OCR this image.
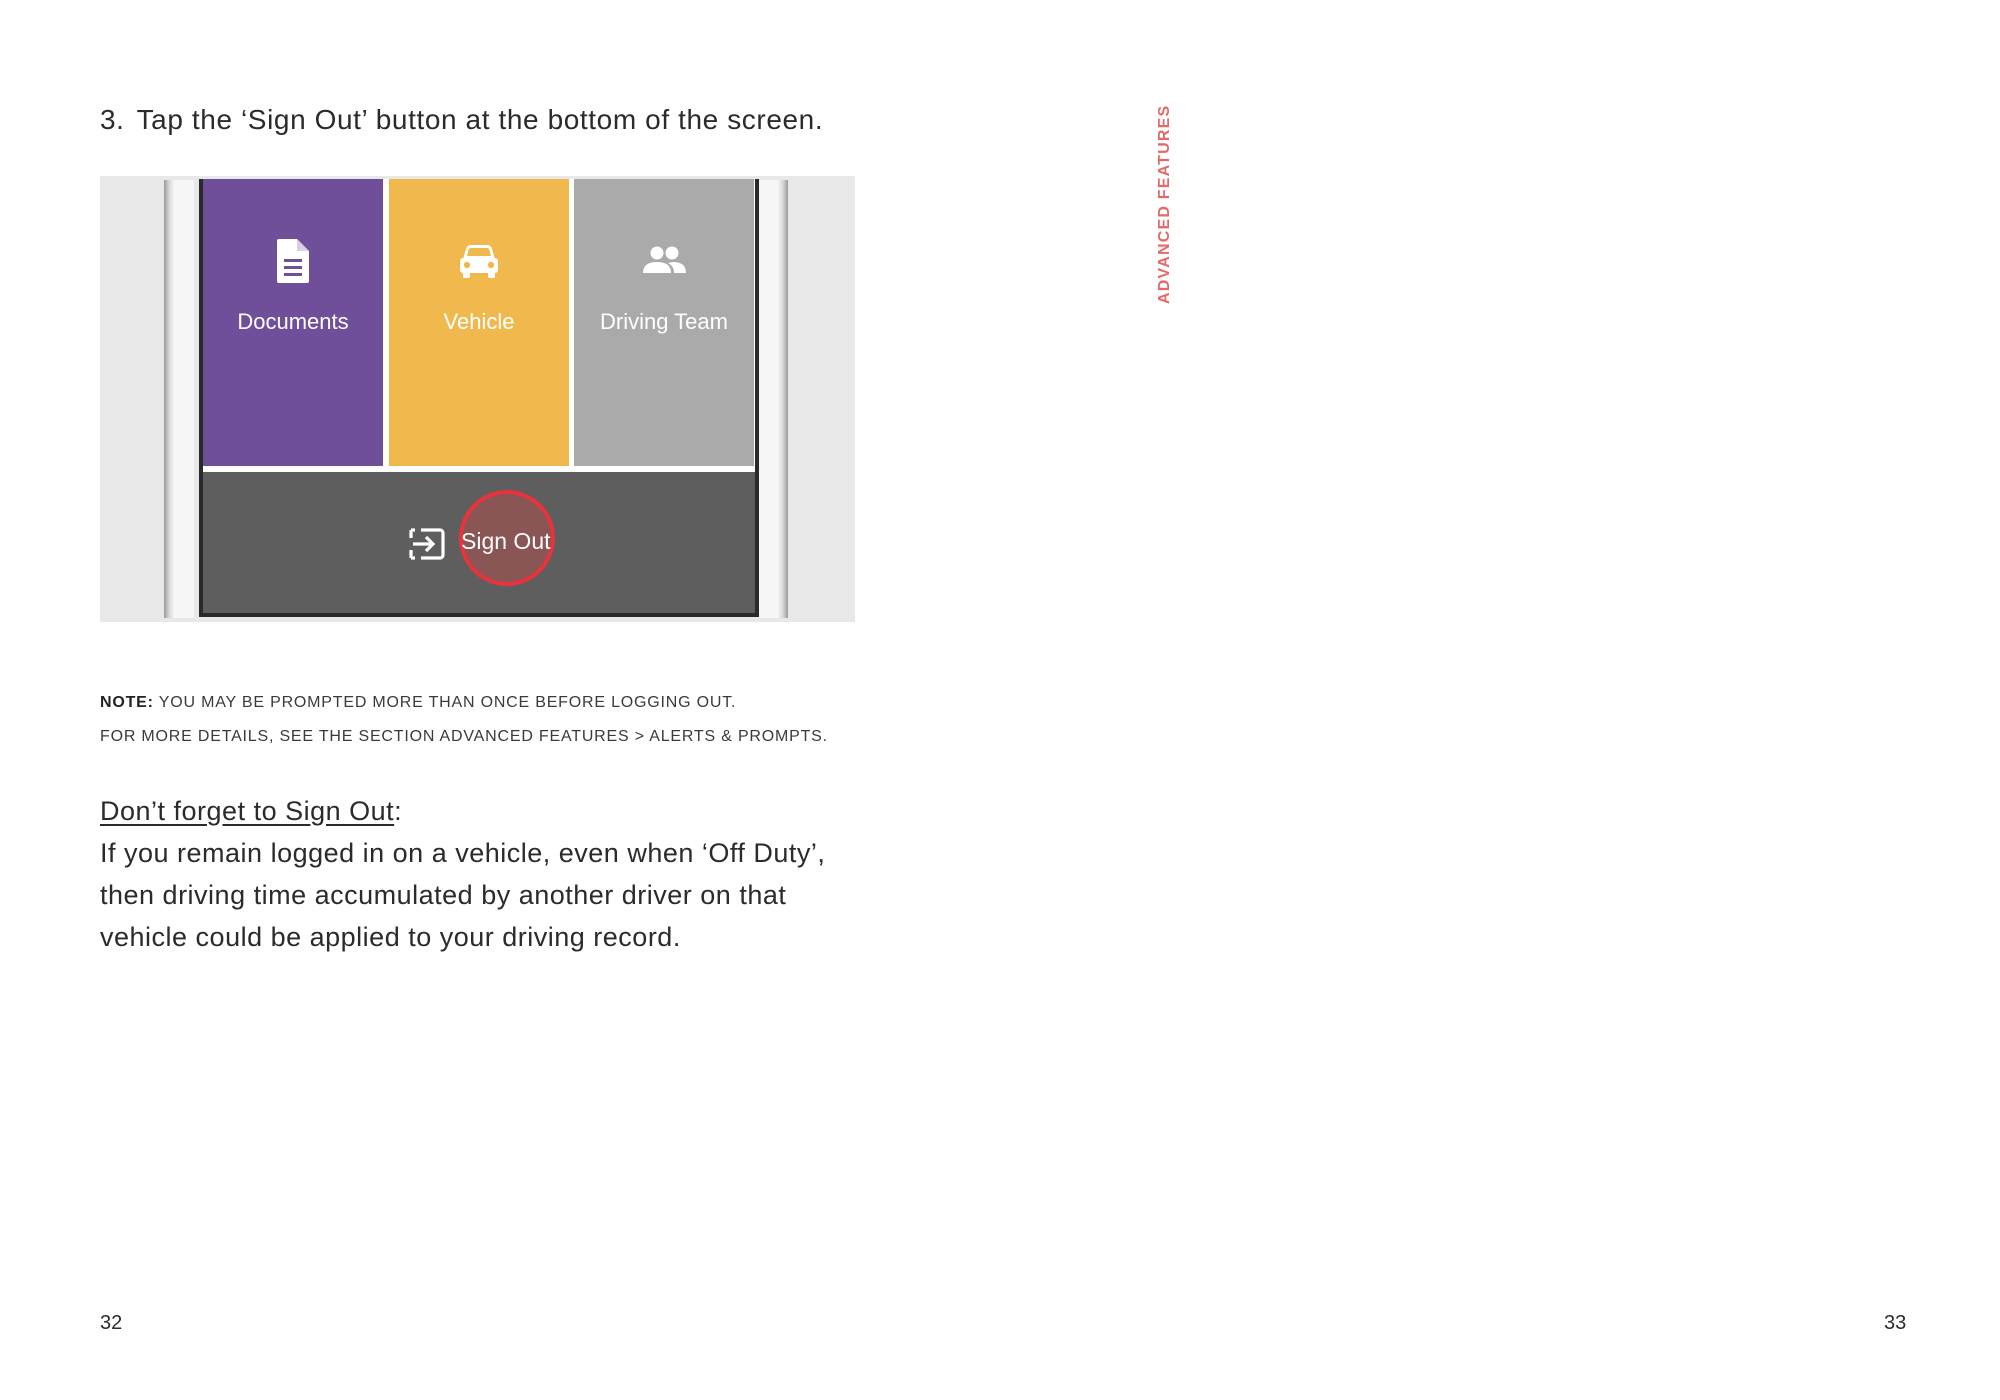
3. Tap the ‘Sign Out’ button at the bottom of the screen.
Documents	Vehicle	Driving Team
Sign Out
NOTE: YOU MAY BE PROMPTED MORE THAN ONCE BEFORE LOGGING OUT.
FOR MORE DETAILS, SEE THE SECTION ADVANCED FEATURES > ALERTS & PROMPTS.

Don’t forget to Sign Out:

If you remain logged in on a vehicle, even when ‘Off Duty’,

then driving time accumulated by another driver on that

vehicle could be applied to your driving record.

32
ADVANCED FEATURES
33
